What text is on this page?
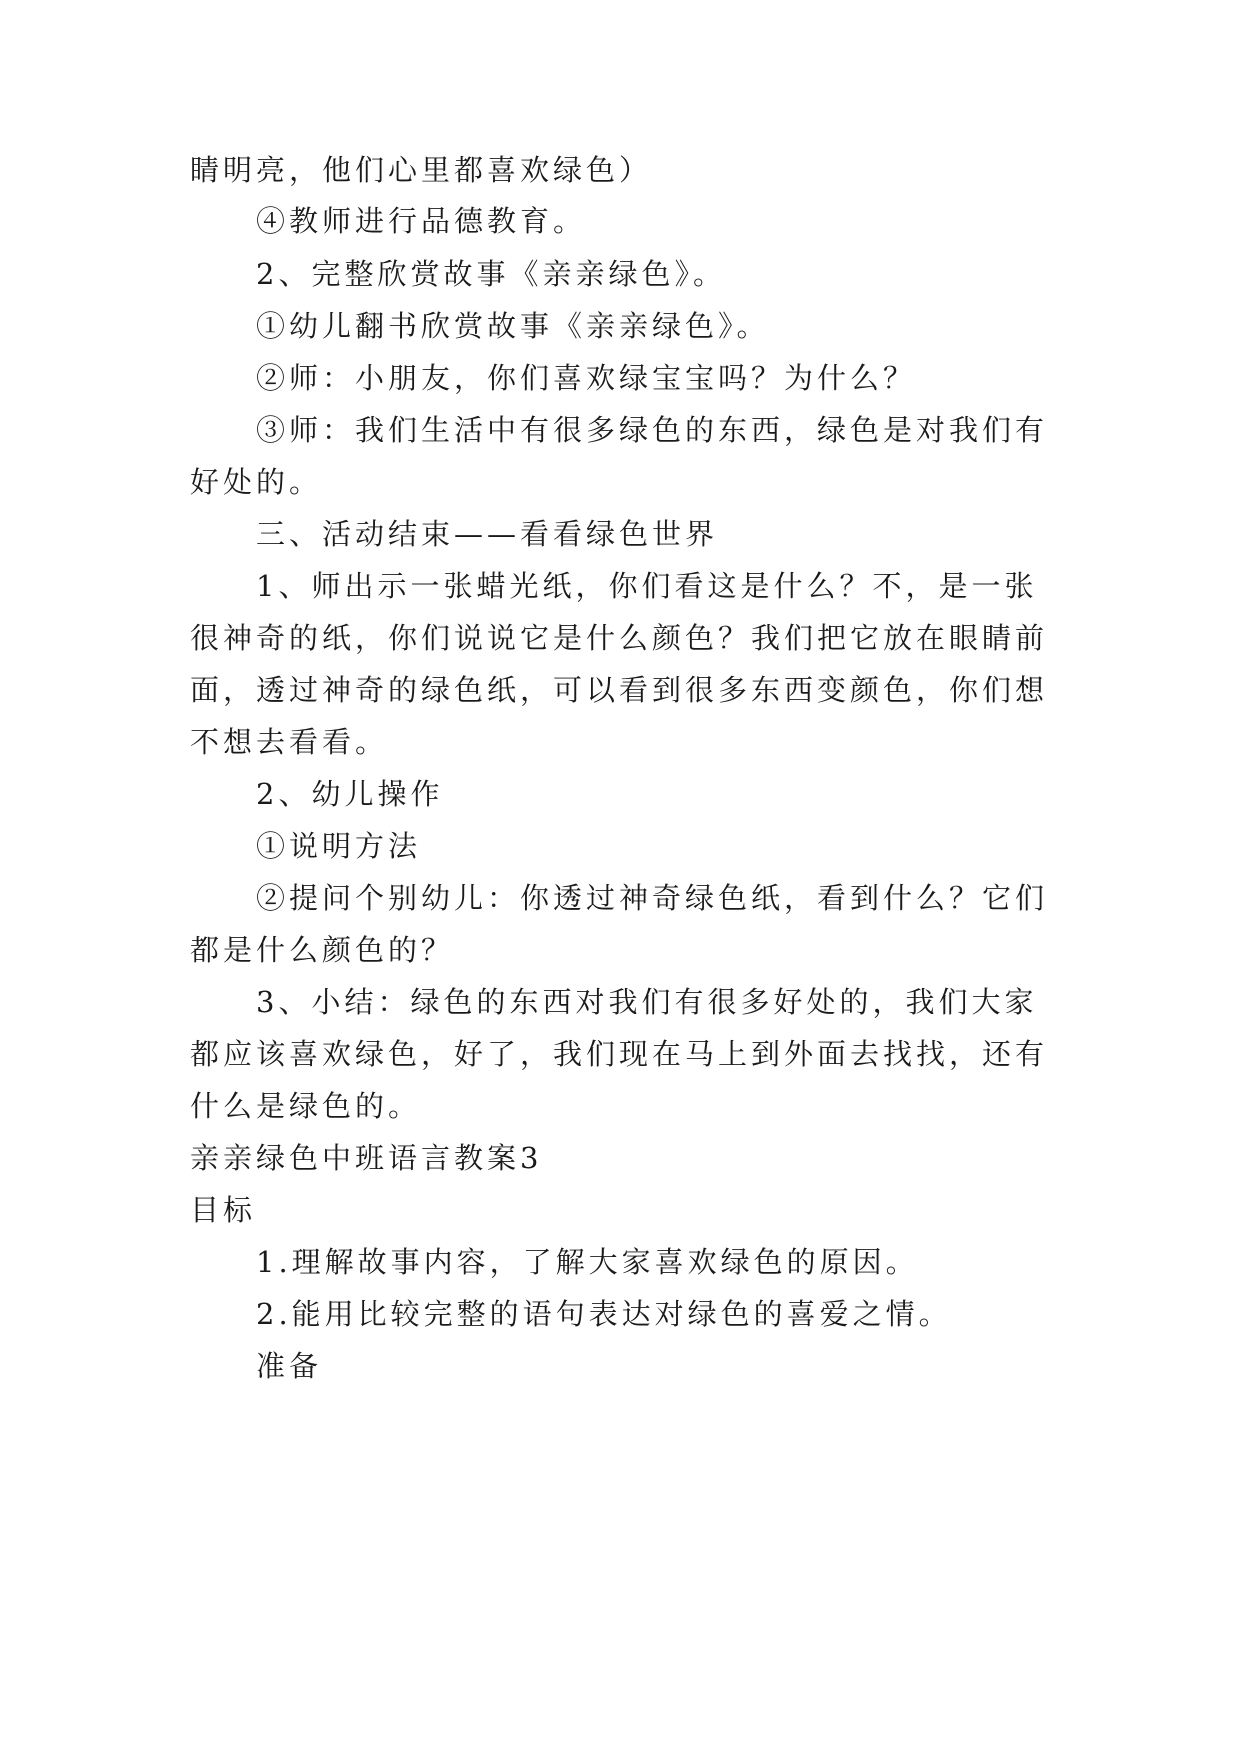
睛明亮，他们心里都喜欢绿色）
④教师进行品德教育。
2、完整欣赏故事《亲亲绿色》。
①幼儿翻书欣赏故事《亲亲绿色》。
②师：小朋友，你们喜欢绿宝宝吗？为什么？
③师：我们生活中有很多绿色的东西，绿色是对我们有
好处的。
三、活动结束——看看绿色世界
1、师出示一张蜡光纸，你们看这是什么？不，是一张
很神奇的纸，你们说说它是什么颜色？我们把它放在眼睛前
面，透过神奇的绿色纸，可以看到很多东西变颜色，你们想
不想去看看。
2、幼儿操作
①说明方法
②提问个别幼儿：你透过神奇绿色纸，看到什么？它们
都是什么颜色的？
3、小结：绿色的东西对我们有很多好处的，我们大家
都应该喜欢绿色，好了，我们现在马上到外面去找找，还有
什么是绿色的。
亲亲绿色中班语言教案3
目标
1.理解故事内容，了解大家喜欢绿色的原因。
2.能用比较完整的语句表达对绿色的喜爱之情。
准备
